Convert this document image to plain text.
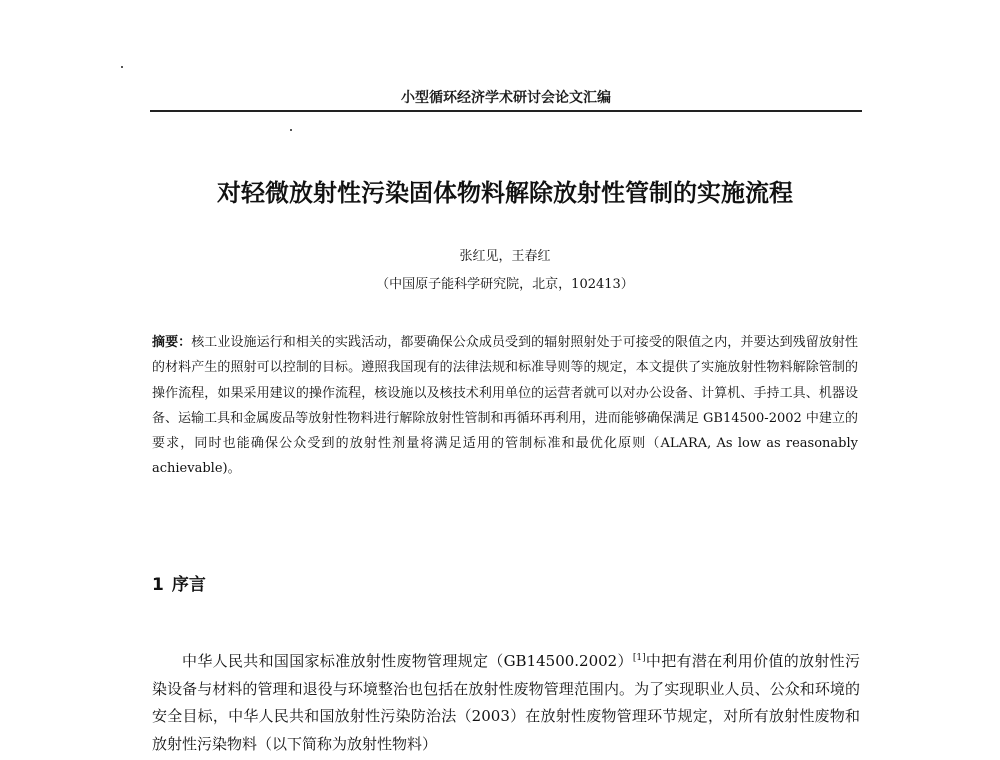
小型循环经济学术研讨会论文汇编
对轻微放射性污染固体物料解除放射性管制的实施流程
张红见，王春红
（中国原子能科学研究院，北京，102413）
摘要：核工业设施运行和相关的实践活动，都要确保公众成员受到的辐射照射处于可接受的限值之内，并要达到残留放射性的材料产生的照射可以控制的目标。遵照我国现有的法律法规和标准导则等的规定，本文提供了实施放射性物料解除管制的操作流程，如果采用建议的操作流程，核设施以及核技术利用单位的运营者就可以对办公设备、计算机、手持工具、机器设备、运输工具和金属废品等放射性物料进行解除放射性管制和再循环再利用，进而能够确保满足 GB14500-2002 中建立的要求，同时也能确保公众受到的放射性剂量将满足适用的管制标准和最优化原则（ALARA, As low as reasonably achievable)。
1 序言
中华人民共和国国家标准放射性废物管理规定（GB14500.2002）[1]中把有潜在利用价值的放射性污染设备与材料的管理和退役与环境整治也包括在放射性废物管理范围内。为了实现职业人员、公众和环境的安全目标，中华人民共和国放射性污染防治法（2003）在放射性废物管理环节规定，对所有放射性废物和放射性污染物料（以下简称为放射性物料）
